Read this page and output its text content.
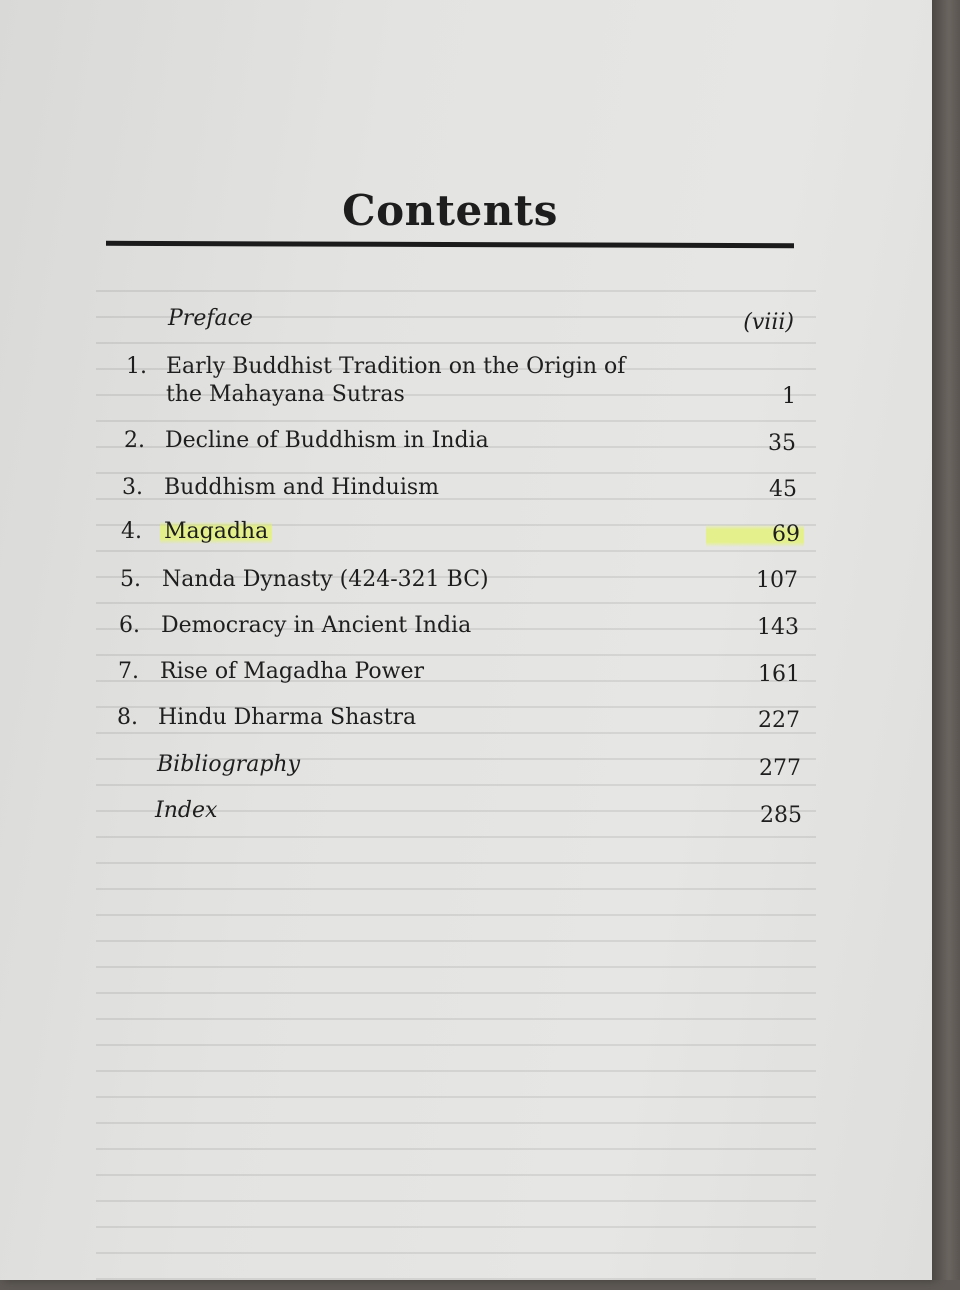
Contents
Preface	(viii)
1. Early Buddhist Tradition on the Origin of
the Mahayana Sutras	1
2. Decline of Buddhism in India	35
3. Buddhism and Hinduism	45
4. Magadha	69
5. Nanda Dynasty (424-321 BC)	107
6. Democracy in Ancient India	143
7. Rise of Magadha Power	161
8. Hindu Dharma Shastra	227
Bibliography	277
Index	285
